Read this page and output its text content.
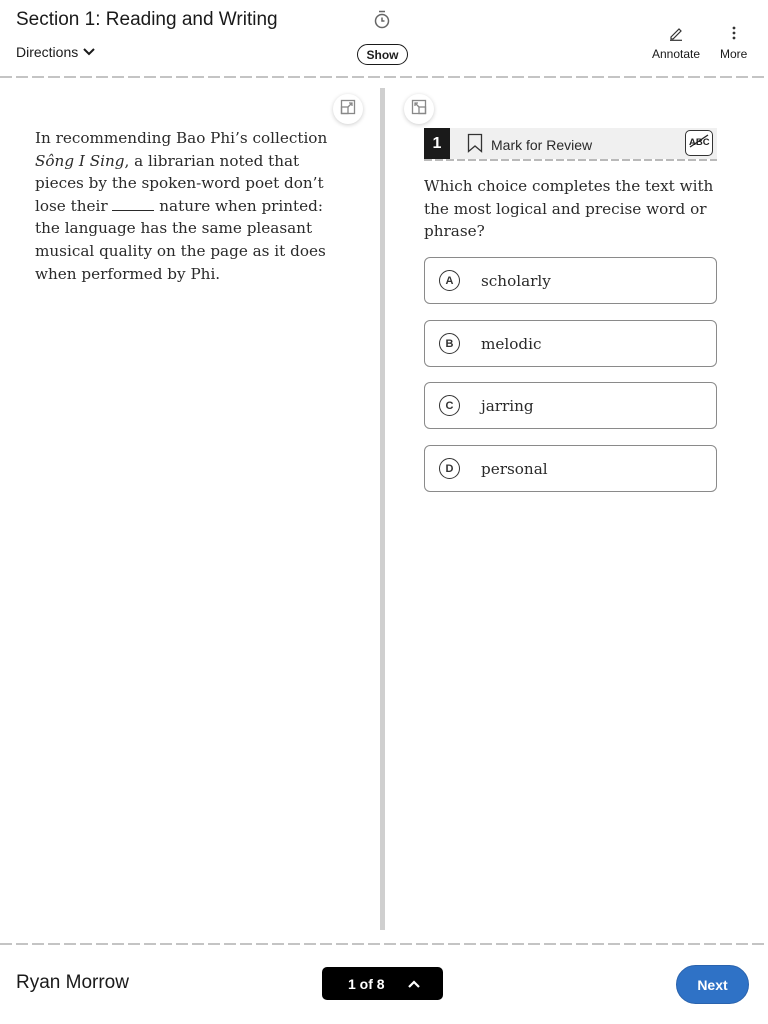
Section 1: Reading and Writing
Directions	Show	Annotate More
In recommending Bao Phi’s collection Sông I Sing, a librarian noted that pieces by the spoken-word poet don’t lose their	nature when printed: the language has the same pleasant musical quality on the page as it does when performed by Phi.
1	Mark for Review	ABC
Which choice completes the text with the most logical and precise word or phrase?
A	scholarly
B	melodic
C	jarring
D	personal
Ryan Morrow	1 of 8	Next
